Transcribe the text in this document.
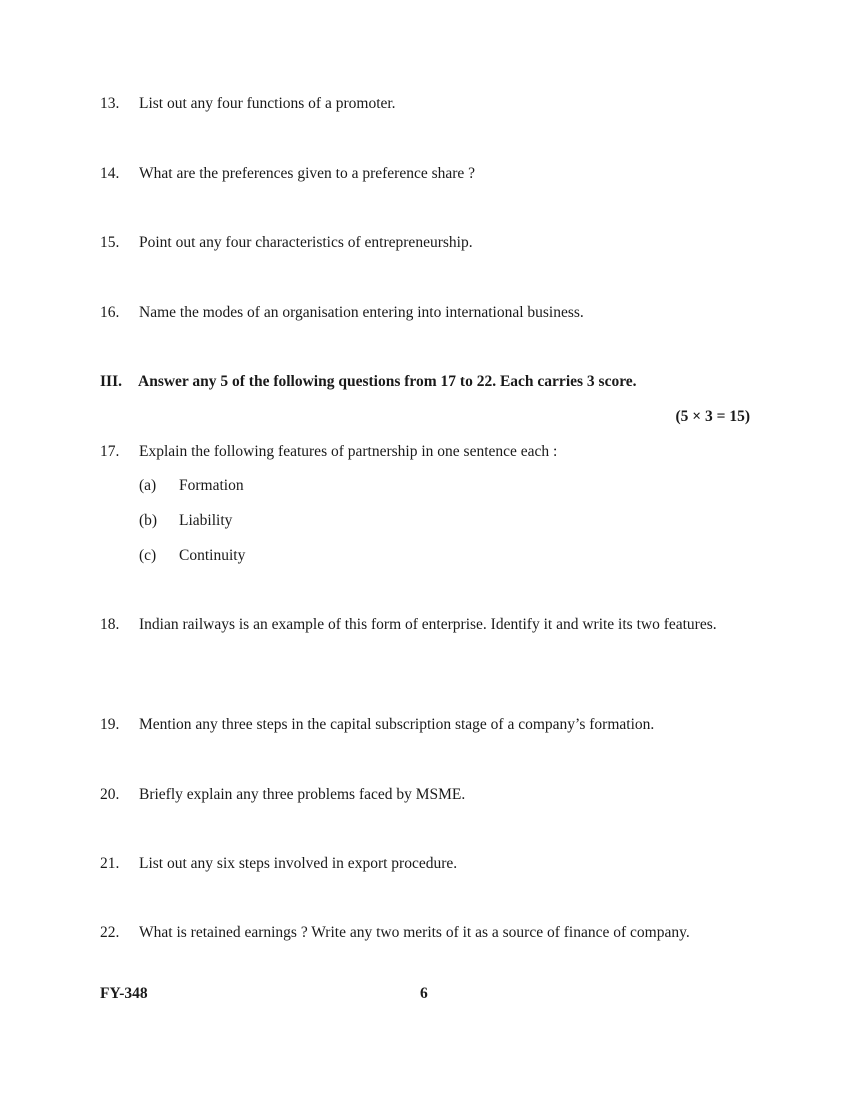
13. List out any four functions of a promoter.
14. What are the preferences given to a preference share ?
15. Point out any four characteristics of entrepreneurship.
16. Name the modes of an organisation entering into international business.
III. Answer any 5 of the following questions from 17 to 22. Each carries 3 score.
(5 × 3 = 15)
17. Explain the following features of partnership in one sentence each :
(a) Formation
(b) Liability
(c) Continuity
18. Indian railways is an example of this form of enterprise. Identify it and write its two features.
19. Mention any three steps in the capital subscription stage of a company’s formation.
20. Briefly explain any three problems faced by MSME.
21. List out any six steps involved in export procedure.
22. What is retained earnings ? Write any two merits of it as a source of finance of company.
FY-348	6
